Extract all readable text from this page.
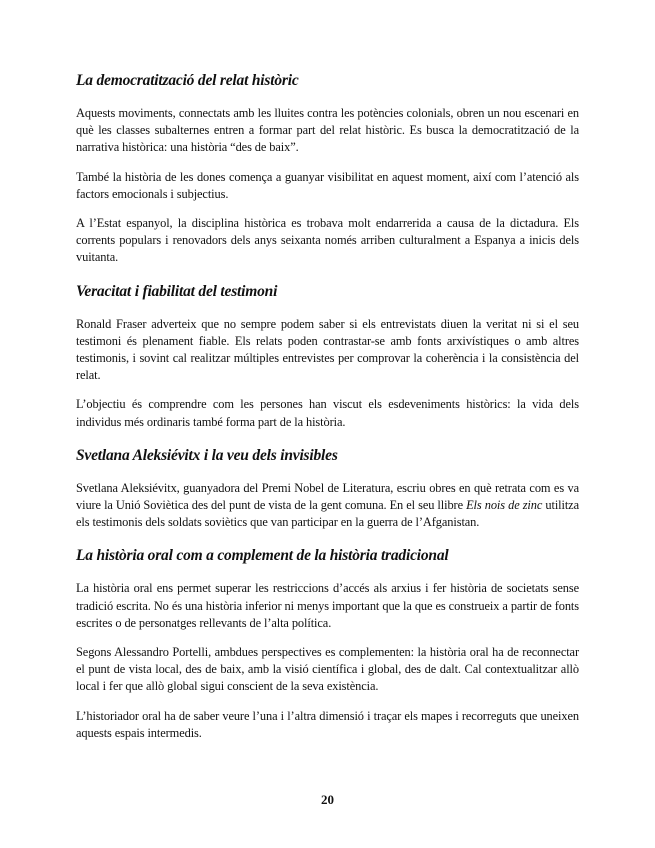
La democratització del relat històric

Aquests moviments, connectats amb les lluites contra les potències colonials, obren un nou escenari en què les classes subalternes entren a formar part del relat històric. Es busca la democratització de la narrativa històrica: una història “des de baix”.

També la història de les dones comença a guanyar visibilitat en aquest moment, així com l’atenció als factors emocionals i subjectius.

A l’Estat espanyol, la disciplina històrica es trobava molt endarrerida a causa de la dictadura. Els corrents populars i renovadors dels anys seixanta només arriben culturalment a Espanya a inicis dels vuitanta.

Veracitat i fiabilitat del testimoni

Ronald Fraser adverteix que no sempre podem saber si els entrevistats diuen la veritat ni si el seu testimoni és plenament fiable. Els relats poden contrastar-se amb fonts arxivístiques o amb altres testimonis, i sovint cal realitzar múltiples entrevistes per comprovar la coherència i la consistència del relat.

L’objectiu és comprendre com les persones han viscut els esdeveniments històrics: la vida dels individus més ordinaris també forma part de la història.

Svetlana Aleksiévitx i la veu dels invisibles

Svetlana Aleksiévitx, guanyadora del Premi Nobel de Literatura, escriu obres en què retrata com es va viure la Unió Soviètica des del punt de vista de la gent comuna. En el seu llibre Els nois de zinc utilitza els testimonis dels soldats soviètics que van participar en la guerra de l’Afganistan.

La història oral com a complement de la història tradicional

La història oral ens permet superar les restriccions d’accés als arxius i fer història de societats sense tradició escrita. No és una història inferior ni menys important que la que es construeix a partir de fonts escrites o de personatges rellevants de l’alta política.

Segons Alessandro Portelli, ambdues perspectives es complementen: la història oral ha de reconnectar el punt de vista local, des de baix, amb la visió científica i global, des de dalt. Cal contextualitzar allò local i fer que allò global sigui conscient de la seva existència.

L’historiador oral ha de saber veure l’una i l’altra dimensió i traçar els mapes i recorreguts que uneixen aquests espais intermedis.

20
